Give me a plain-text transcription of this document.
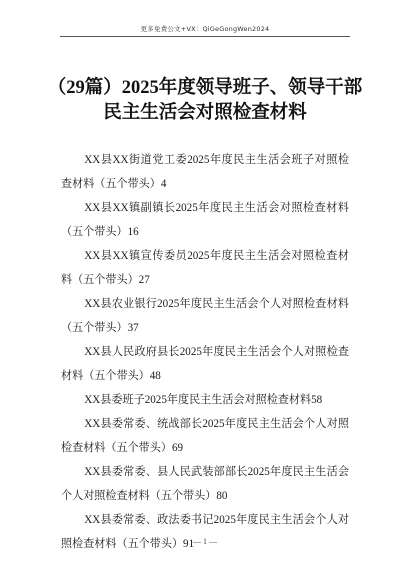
更多免费公文+VX：QiGeGongWen2024
（29篇）2025年度领导班子、领导干部
民主生活会对照检查材料
XX县XX街道党工委2025年度民主生活会班子对照检查材料（五个带头）4
XX县XX镇副镇长2025年度民主生活会对照检查材料（五个带头）16
XX县XX镇宣传委员2025年度民主生活会对照检查材料（五个带头）27
XX县农业银行2025年度民主生活会个人对照检查材料（五个带头）37
XX县人民政府县长2025年度民主生活会个人对照检查材料（五个带头）48
XX县委班子2025年度民主生活会对照检查材料58
XX县委常委、统战部长2025年度民主生活会个人对照检查材料（五个带头）69
XX县委常委、县人民武装部部长2025年度民主生活会个人对照检查材料（五个带头）80
XX县委常委、政法委书记2025年度民主生活会个人对照检查材料（五个带头）91
— 1 —
